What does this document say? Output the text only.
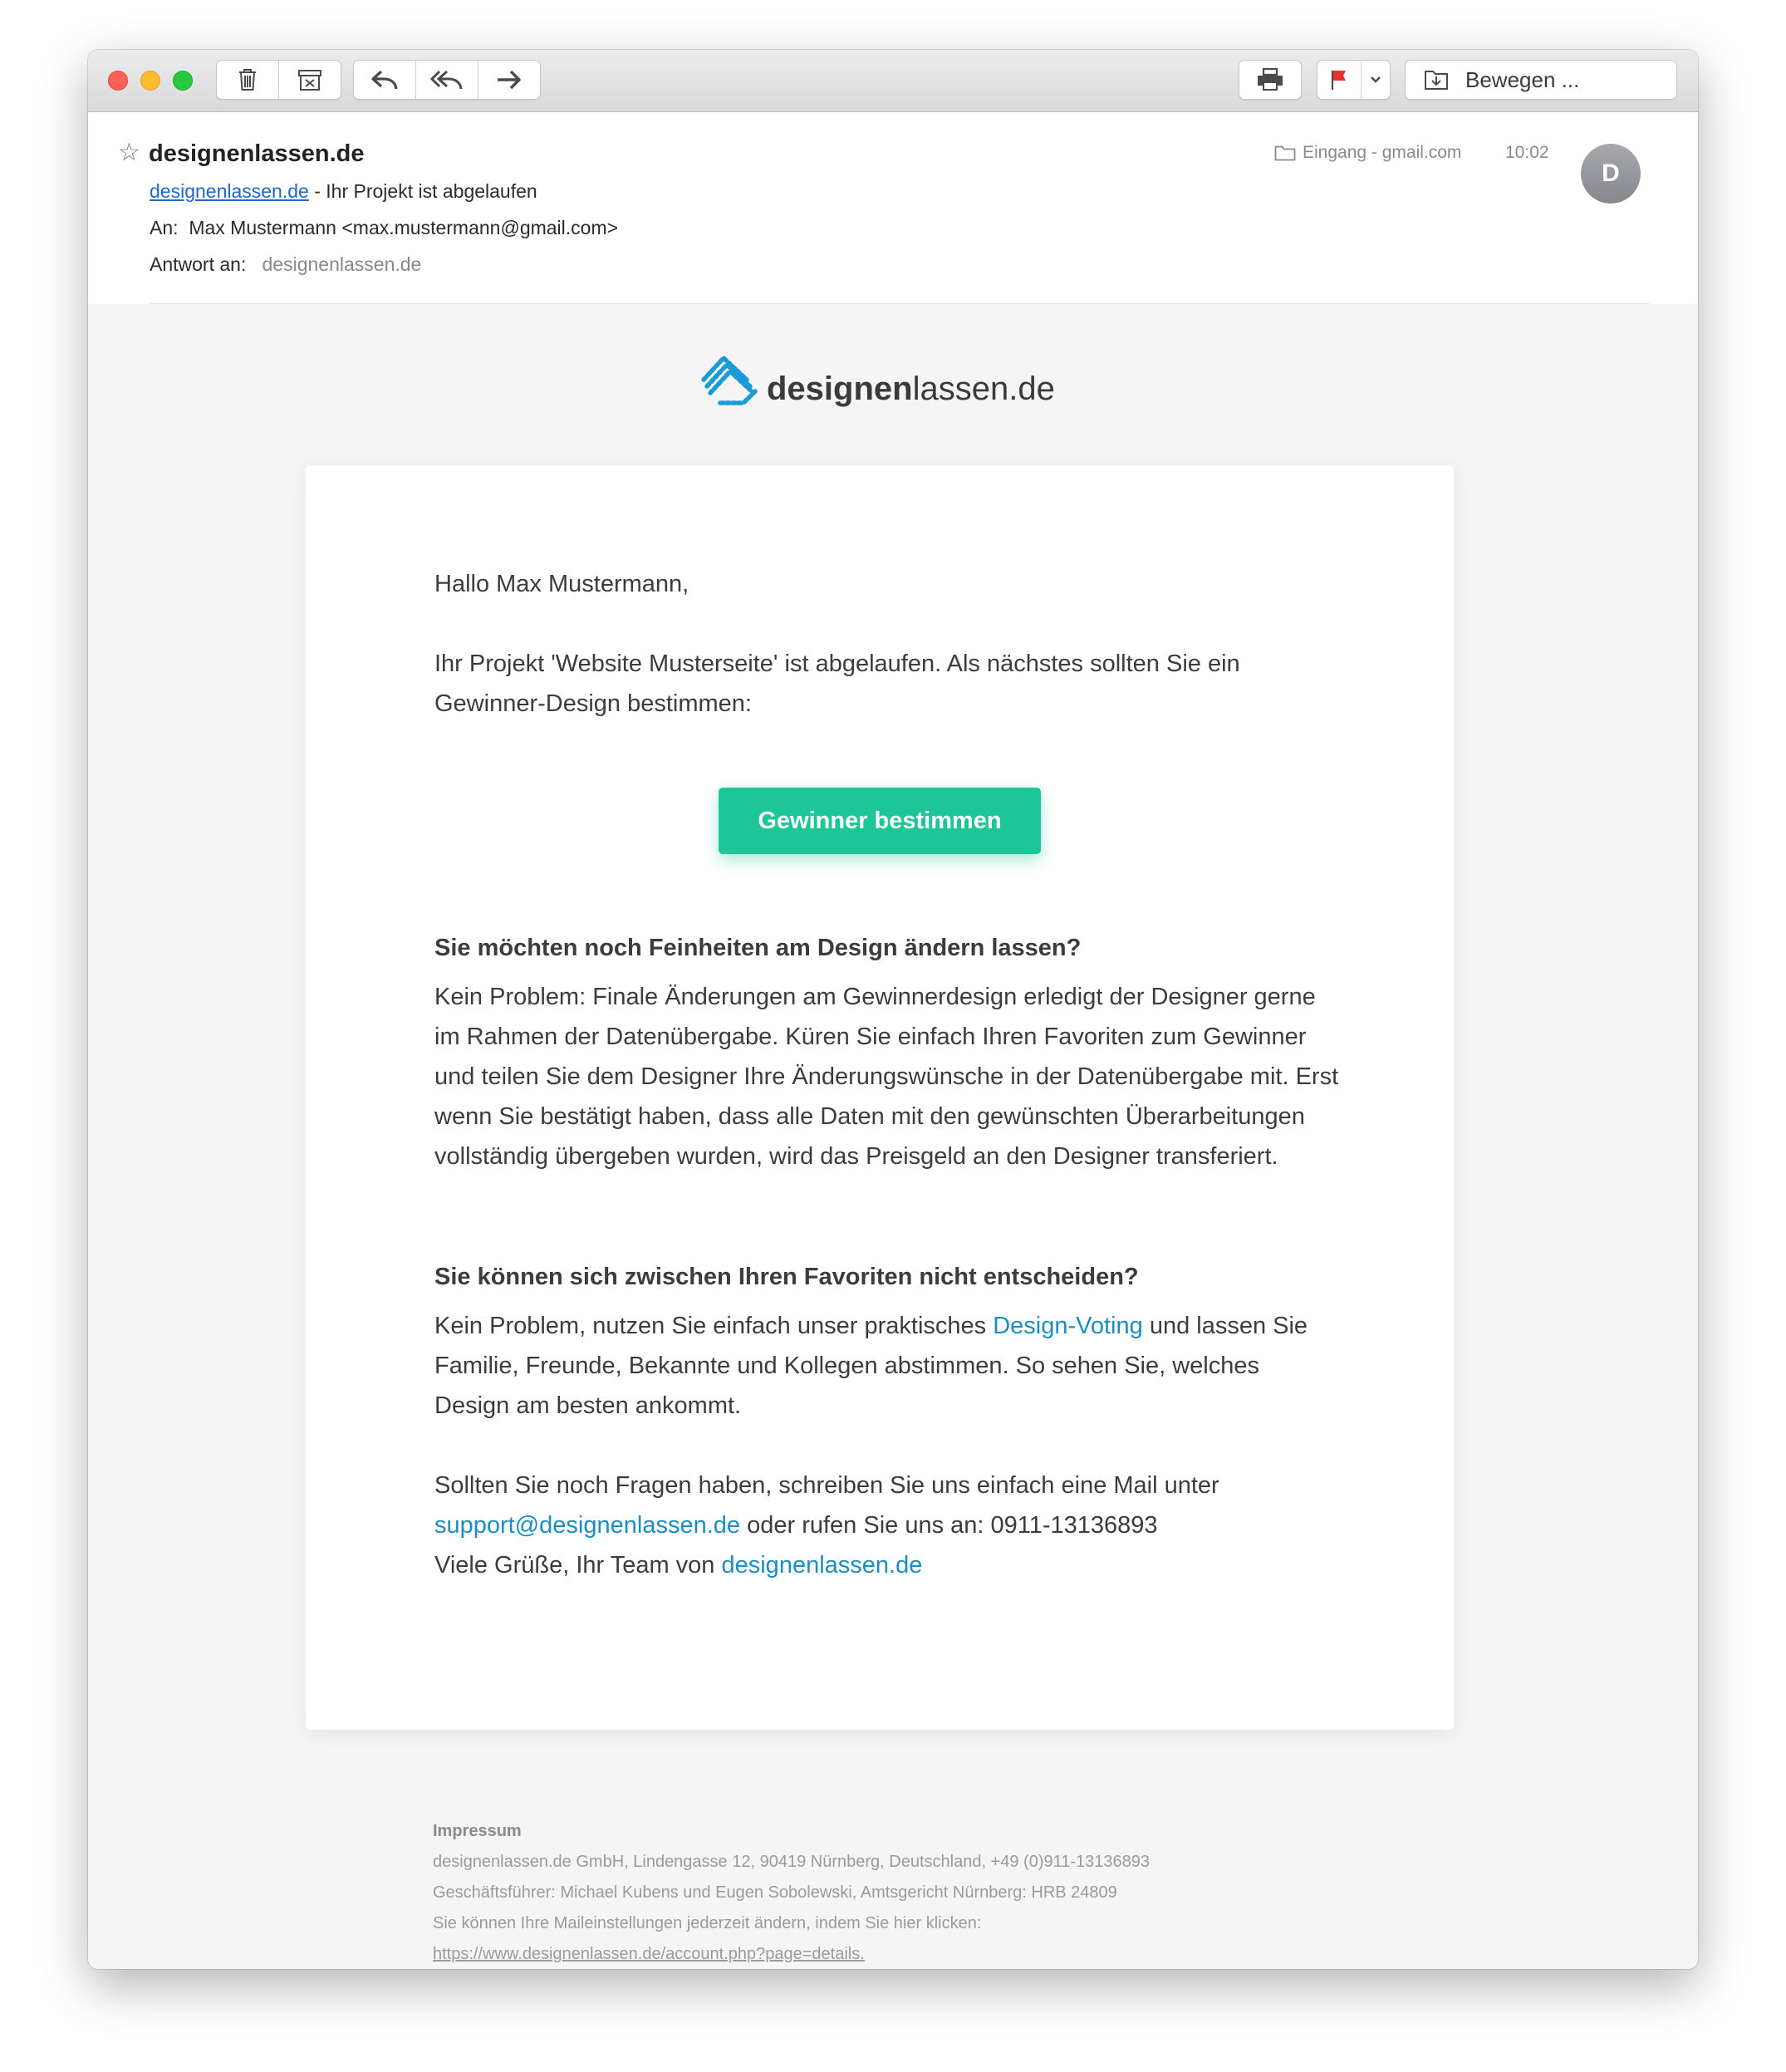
Bewegen ...
☆ designenlassen.de
designenlassen.de - Ihr Projekt ist abgelaufen
An: Max Mustermann <max.mustermann@gmail.com>
Antwort an: designenlassen.de
Eingang - gmail.com	10:02
D
designenlassen.de
Hallo Max Mustermann,
Ihr Projekt 'Website Musterseite' ist abgelaufen. Als nächstes sollten Sie ein Gewinner-Design bestimmen:
Gewinner bestimmen
Sie möchten noch Feinheiten am Design ändern lassen?
Kein Problem: Finale Änderungen am Gewinnerdesign erledigt der Designer gerne im Rahmen der Datenübergabe. Küren Sie einfach Ihren Favoriten zum Gewinner und teilen Sie dem Designer Ihre Änderungswünsche in der Datenübergabe mit. Erst wenn Sie bestätigt haben, dass alle Daten mit den gewünschten Überarbeitungen vollständig übergeben wurden, wird das Preisgeld an den Designer transferiert.
Sie können sich zwischen Ihren Favoriten nicht entscheiden?
Kein Problem, nutzen Sie einfach unser praktisches Design-Voting und lassen Sie Familie, Freunde, Bekannte und Kollegen abstimmen. So sehen Sie, welches Design am besten ankommt.
Sollten Sie noch Fragen haben, schreiben Sie uns einfach eine Mail unter support@designenlassen.de oder rufen Sie uns an: 0911-13136893
Viele Grüße, Ihr Team von designenlassen.de
Impressum
designenlassen.de GmbH, Lindengasse 12, 90419 Nürnberg, Deutschland, +49 (0)911-13136893
Geschäftsführer: Michael Kubens und Eugen Sobolewski, Amtsgericht Nürnberg: HRB 24809
Sie können Ihre Maileinstellungen jederzeit ändern, indem Sie hier klicken:
https://www.designenlassen.de/account.php?page=details.
